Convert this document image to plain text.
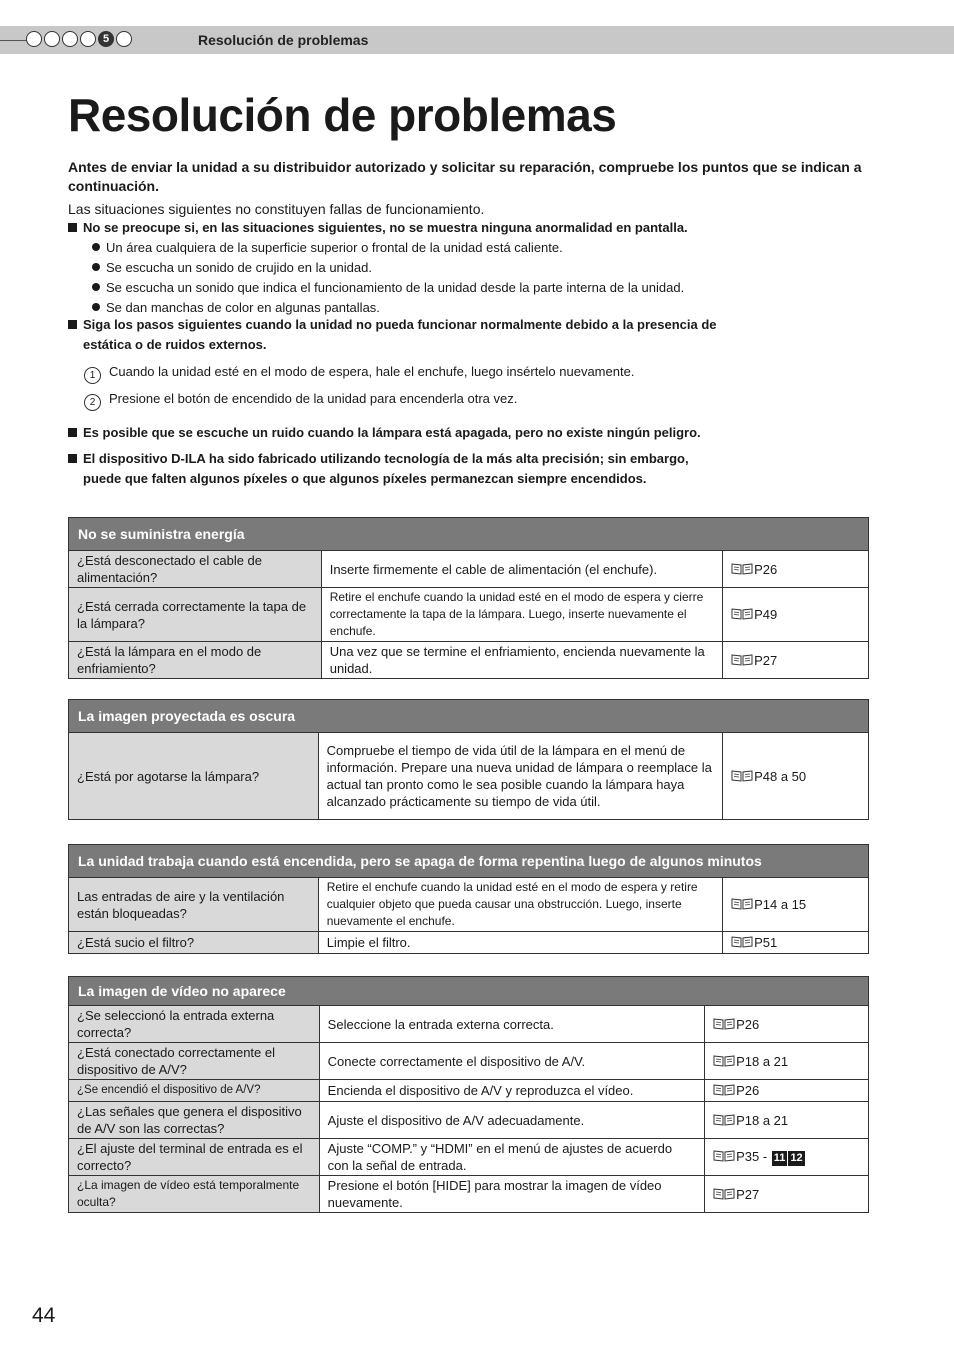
5	Resolución de problemas
Resolución de problemas
Antes de enviar la unidad a su distribuidor autorizado y solicitar su reparación, compruebe los puntos que se indican a continuación.
Las situaciones siguientes no constituyen fallas de funcionamiento.
No se preocupe si, en las situaciones siguientes, no se muestra ninguna anormalidad en pantalla.
Un área cualquiera de la superficie superior o frontal de la unidad está caliente.
Se escucha un sonido de crujido en la unidad.
Se escucha un sonido que indica el funcionamiento de la unidad desde la parte interna de la unidad.
Se dan manchas de color en algunas pantallas.
Siga los pasos siguientes cuando la unidad no pueda funcionar normalmente debido a la presencia de
estática o de ruidos externos.
1 Cuando la unidad esté en el modo de espera, hale el enchufe, luego insértelo nuevamente.
2 Presione el botón de encendido de la unidad para encenderla otra vez.
Es posible que se escuche un ruido cuando la lámpara está apagada, pero no existe ningún peligro.
El dispositivo D-ILA ha sido fabricado utilizando tecnología de la más alta precisión; sin embargo,
puede que falten algunos píxeles o que algunos píxeles permanezcan siempre encendidos.
No se suministra energía		
¿Está desconectado el cable de alimentación?	Inserte firmemente el cable de alimentación (el enchufe).	P26
¿Está cerrada correctamente la tapa de la lámpara?	Retire el enchufe cuando la unidad esté en el modo de espera y cierre correctamente la tapa de la lámpara. Luego, inserte nuevamente el enchufe.	P49
¿Está la lámpara en el modo de enfriamiento?	Una vez que se termine el enfriamiento, encienda nuevamente la unidad.	P27
La imagen proyectada es oscura
¿Está por agotarse la lámpara?	Compruebe el tiempo de vida útil de la lámpara en el menú de información. Prepare una nueva unidad de lámpara o reemplace la actual tan pronto como le sea posible cuando la lámpara haya alcanzado prácticamente su tiempo de vida útil.	P48 a 50
La unidad trabaja cuando está encendida, pero se apaga de forma repentina luego de algunos minutos		
Las entradas de aire y la ventilación están bloqueadas?	Retire el enchufe cuando la unidad esté en el modo de espera y retire cualquier objeto que pueda causar una obstrucción. Luego, inserte nuevamente el enchufe.	P14 a 15
¿Está sucio el filtro?	Limpie el filtro.	P51
La imagen de vídeo no aparece		
¿Se seleccionó la entrada externa correcta?	Seleccione la entrada externa correcta.	P26
¿Está conectado correctamente el dispositivo de A/V?	Conecte correctamente el dispositivo de A/V.	P18 a 21
¿Se encendió el dispositivo de A/V?	Encienda el dispositivo de A/V y reproduzca el vídeo.	P26
¿Las señales que genera el dispositivo de A/V son las correctas?	Ajuste el dispositivo de A/V adecuadamente.	P18 a 21
¿El ajuste del terminal de entrada es el correcto?	Ajuste “COMP.” y “HDMI” en el menú de ajustes de acuerdo con la señal de entrada.	P35 - 11 12
¿La imagen de vídeo está temporalmente oculta?	Presione el botón [HIDE] para mostrar la imagen de vídeo nuevamente.	P27
44
